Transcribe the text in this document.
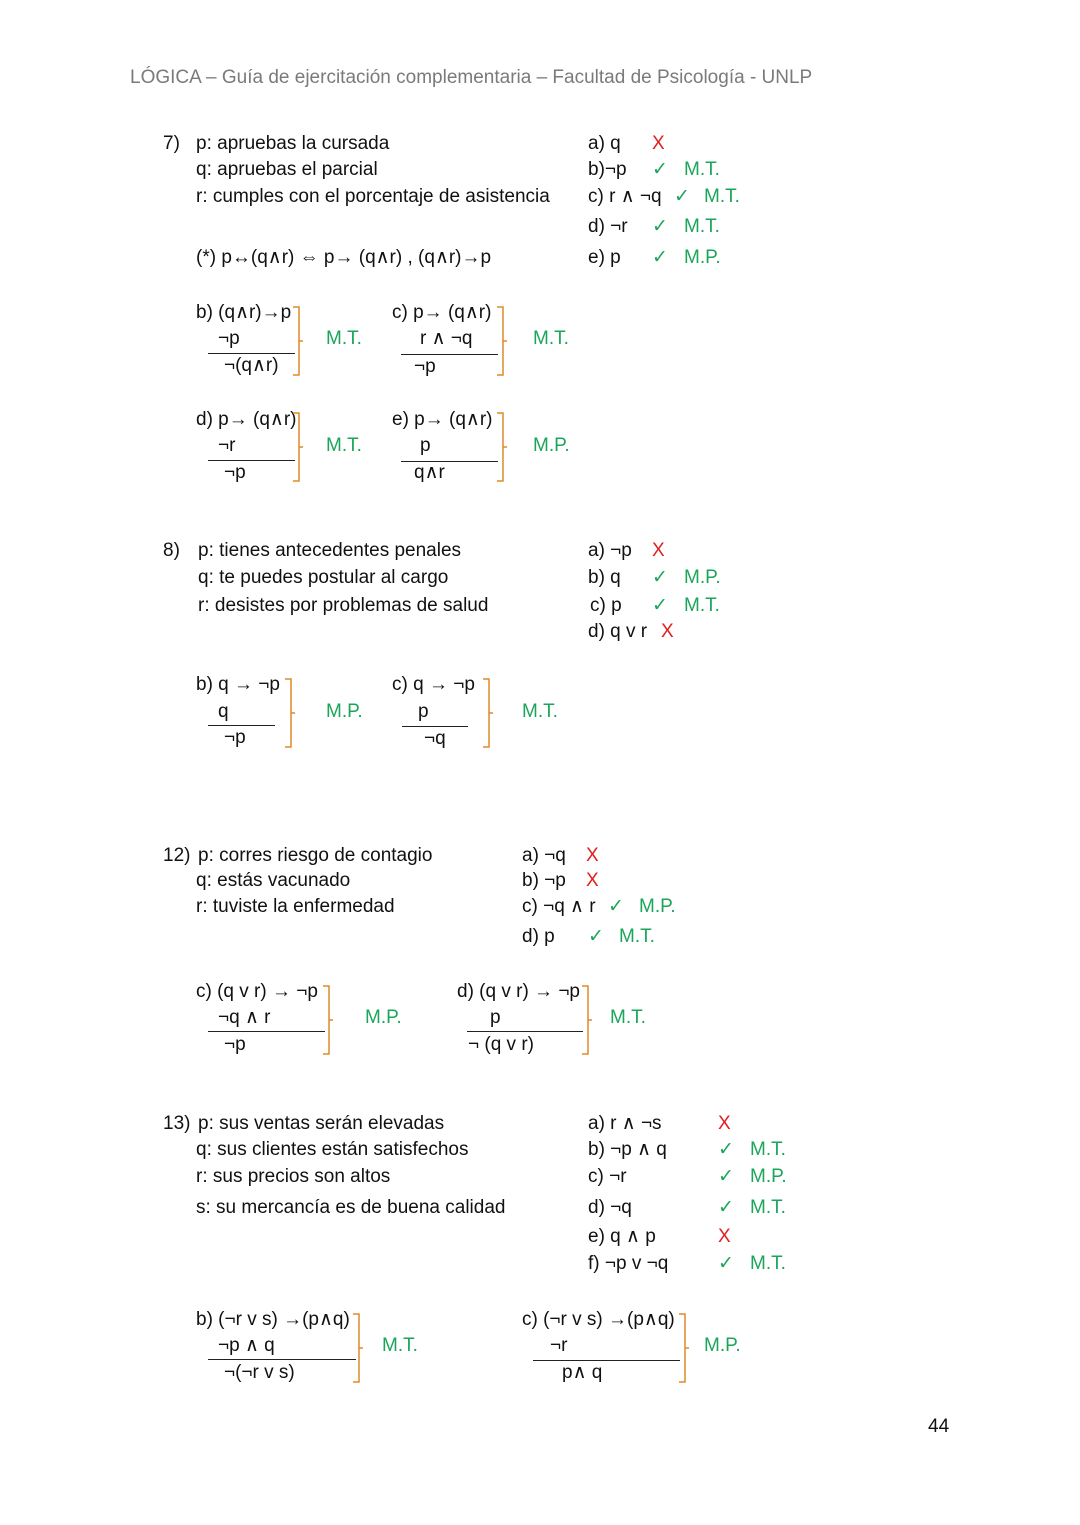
LÓGICA – Guía de ejercitación complementaria – Facultad de Psicología - UNLP
7) p: apruebas la cursada
q: apruebas el parcial
r: cumples con el porcentaje de asistencia
(*) p↔(q∧r) ⇔ p→ (q∧r) , (q∧r)→p
a) q X
b)¬p ✓ M.T.
c) r ∧ ¬q ✓ M.T.
d) ¬r ✓ M.T.
e) p ✓ M.P.
b) (q∧r)→p
¬p
¬(q∧r)
M.T.
c) p→ (q∧r)
r ∧ ¬q
¬p
M.T.
d) p→ (q∧r)
¬r
¬p
M.T.
e) p→ (q∧r)
p
q∧r
M.P.
8) p: tienes antecedentes penales
q: te puedes postular al cargo
r: desistes por problemas de salud
a) ¬p X
b) q ✓ M.P.
c) p ✓ M.T.
d) q v r X
b) q → ¬p
q
¬p
M.P.
c) q → ¬p
p
¬q
M.T.
12) p: corres riesgo de contagio
q: estás vacunado
r: tuviste la enfermedad
a) ¬q X
b) ¬p X
c) ¬q ∧ r ✓ M.P.
d) p ✓ M.T.
c) (q v r) → ¬p
¬q ∧ r
¬p
M.P.
d) (q v r) → ¬p
p
¬ (q v r)
M.T.
13) p: sus ventas serán elevadas
q: sus clientes están satisfechos
r: sus precios son altos
s: su mercancía es de buena calidad
a) r ∧ ¬s	X
b) ¬p ∧ q	✓ M.T.
c) ¬r	✓ M.P.
d) ¬q	✓ M.T.
e) q ∧ p	X
f) ¬p v ¬q	✓ M.T.
b) (¬r v s) →(p∧q)
¬p ∧ q
¬(¬r v s)
M.T.
c) (¬r v s) →(p∧q)
¬r
p∧ q
M.P.
44
